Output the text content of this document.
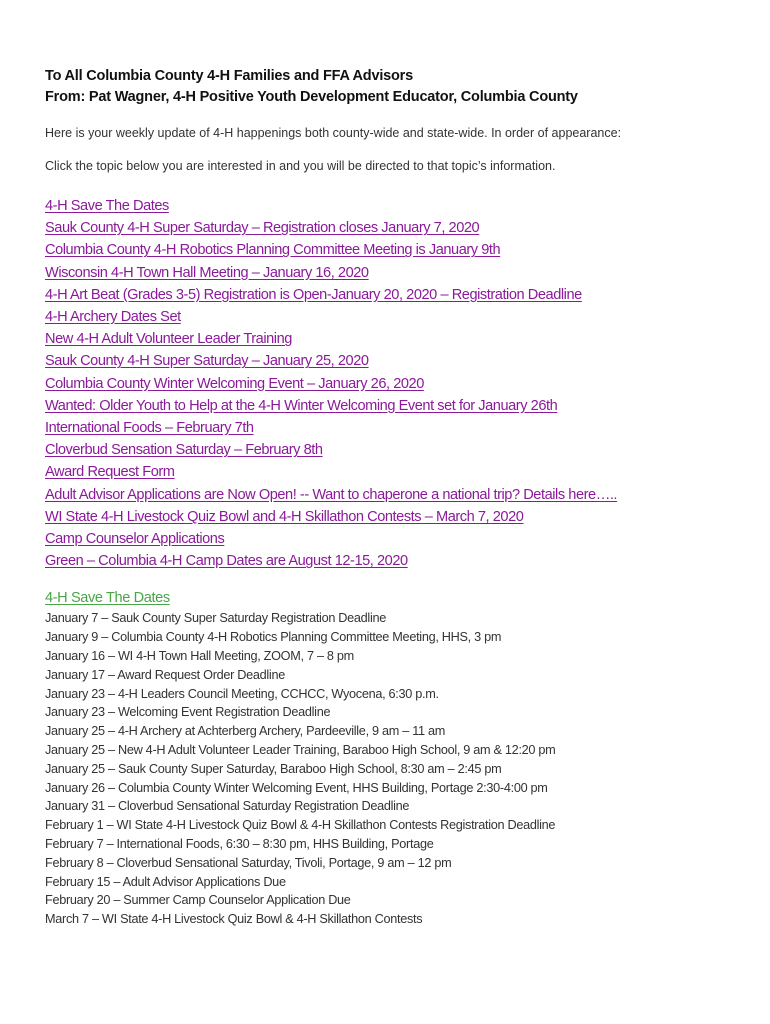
To All Columbia County 4-H Families and FFA Advisors
From: Pat Wagner, 4-H Positive Youth Development Educator, Columbia County
Here is your weekly update of 4-H happenings both county-wide and state-wide. In order of appearance:
Click the topic below you are interested in and you will be directed to that topic’s information.
4-H Save The Dates
Sauk County 4-H Super Saturday – Registration closes January 7, 2020
Columbia County 4-H Robotics Planning Committee Meeting is January 9th
Wisconsin 4-H Town Hall Meeting – January 16, 2020
4-H Art Beat (Grades 3-5) Registration is Open-January 20, 2020 – Registration Deadline
4-H Archery Dates Set
New 4-H Adult Volunteer Leader Training
Sauk County 4-H Super Saturday – January 25, 2020
Columbia County Winter Welcoming Event – January 26, 2020
Wanted: Older Youth to Help at the 4-H Winter Welcoming Event set for January 26th
International Foods – February 7th
Cloverbud Sensation Saturday – February 8th
Award Request Form
Adult Advisor Applications are Now Open! -- Want to chaperone a national trip? Details here…..
WI State 4-H Livestock Quiz Bowl and 4-H Skillathon Contests – March 7, 2020
Camp Counselor Applications
Green – Columbia 4-H Camp Dates are August 12-15, 2020
4-H Save The Dates
January 7 – Sauk County Super Saturday Registration Deadline
January 9 – Columbia County 4-H Robotics Planning Committee Meeting, HHS, 3 pm
January 16 – WI 4-H Town Hall Meeting, ZOOM, 7 – 8 pm
January 17 – Award Request Order Deadline
January 23 – 4-H Leaders Council Meeting, CCHCC, Wyocena, 6:30 p.m.
January 23 – Welcoming Event Registration Deadline
January 25 – 4-H Archery at Achterberg Archery, Pardeeville, 9 am – 11 am
January 25 – New 4-H Adult Volunteer Leader Training, Baraboo High School, 9 am & 12:20 pm
January 25 – Sauk County Super Saturday, Baraboo High School, 8:30 am – 2:45 pm
January 26 – Columbia County Winter Welcoming Event, HHS Building, Portage 2:30-4:00 pm
January 31 – Cloverbud Sensational Saturday Registration Deadline
February 1 – WI State 4-H Livestock Quiz Bowl & 4-H Skillathon Contests Registration Deadline
February 7 – International Foods, 6:30 – 8:30 pm, HHS Building, Portage
February 8 – Cloverbud Sensational Saturday, Tivoli, Portage, 9 am – 12 pm
February 15 – Adult Advisor Applications Due
February 20 – Summer Camp Counselor Application Due
March 7 – WI State 4-H Livestock Quiz Bowl & 4-H Skillathon Contests
